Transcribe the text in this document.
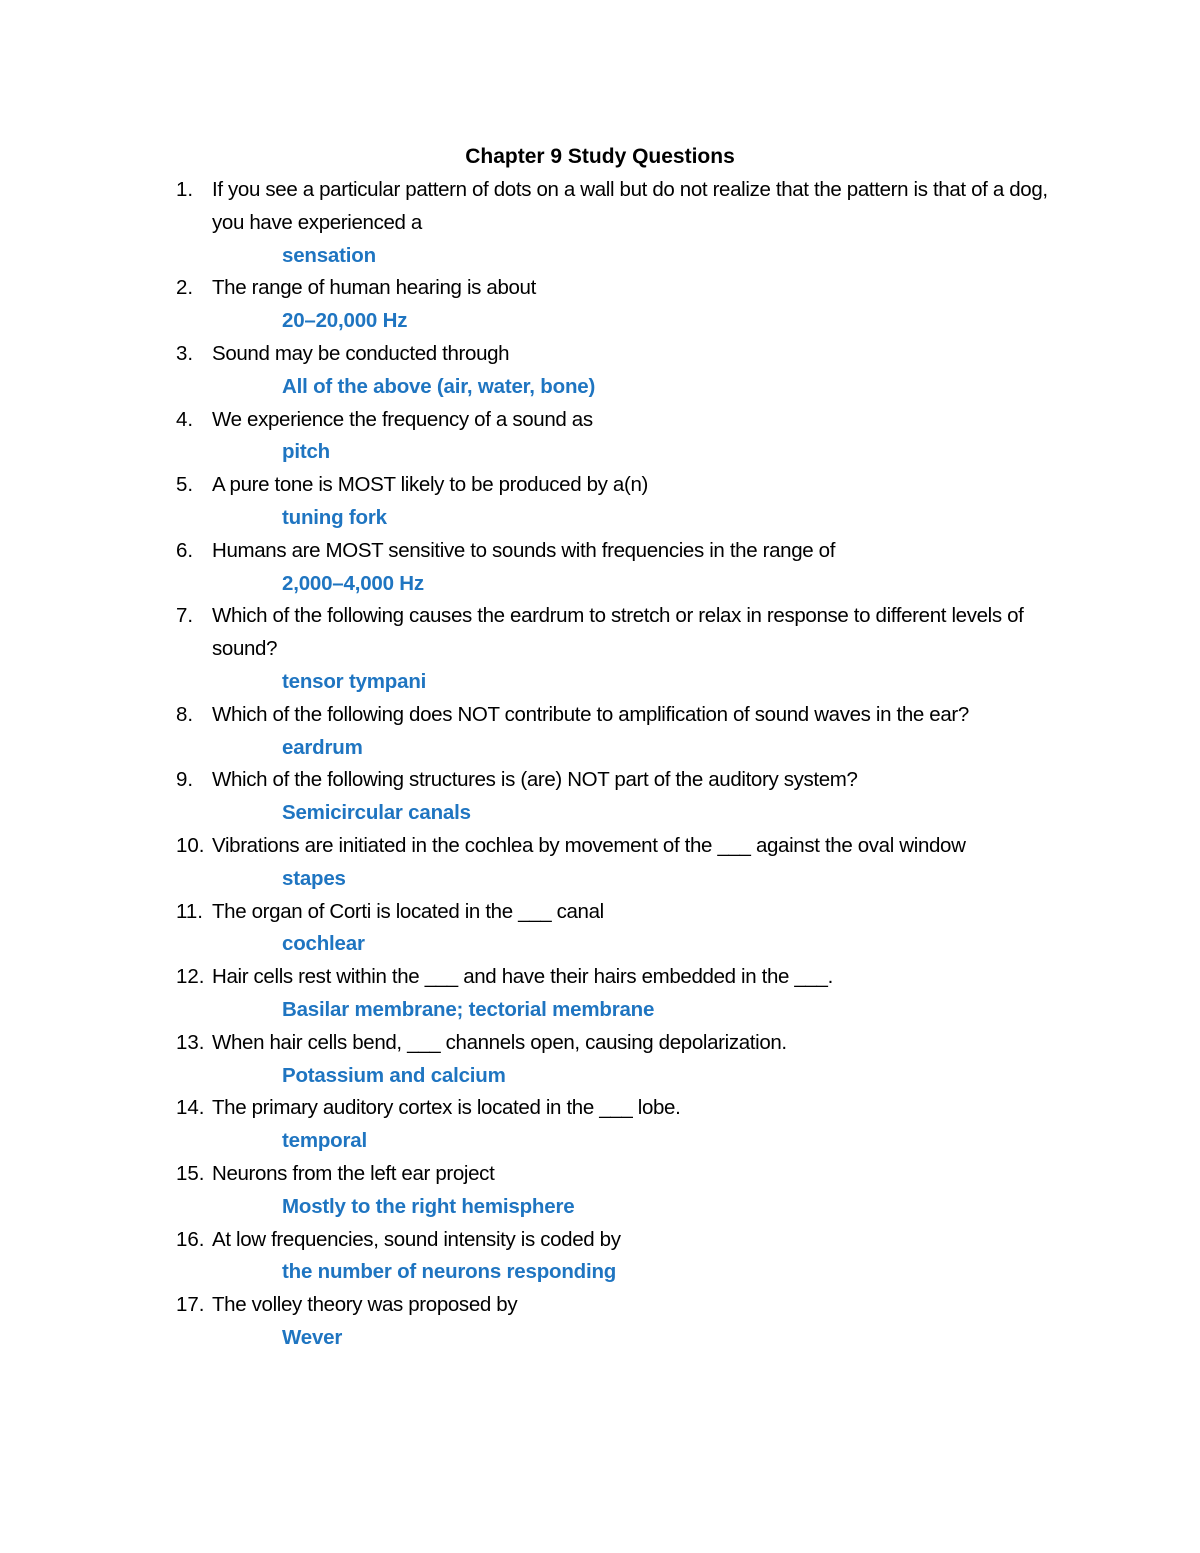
Chapter 9 Study Questions
1. If you see a particular pattern of dots on a wall but do not realize that the pattern is that of a dog, you have experienced a
sensation
2. The range of human hearing is about
20–20,000 Hz
3. Sound may be conducted through
All of the above (air, water, bone)
4. We experience the frequency of a sound as
pitch
5. A pure tone is MOST likely to be produced by a(n)
tuning fork
6. Humans are MOST sensitive to sounds with frequencies in the range of
2,000–4,000 Hz
7. Which of the following causes the eardrum to stretch or relax in response to different levels of sound?
tensor tympani
8. Which of the following does NOT contribute to amplification of sound waves in the ear?
eardrum
9. Which of the following structures is (are) NOT part of the auditory system?
Semicircular canals
10. Vibrations are initiated in the cochlea by movement of the ___ against the oval window
stapes
11. The organ of Corti is located in the ___ canal
cochlear
12. Hair cells rest within the ___ and have their hairs embedded in the ___.
Basilar membrane; tectorial membrane
13. When hair cells bend, ___ channels open, causing depolarization.
Potassium and calcium
14. The primary auditory cortex is located in the ___ lobe.
temporal
15. Neurons from the left ear project
Mostly to the right hemisphere
16. At low frequencies, sound intensity is coded by
the number of neurons responding
17. The volley theory was proposed by
Wever
